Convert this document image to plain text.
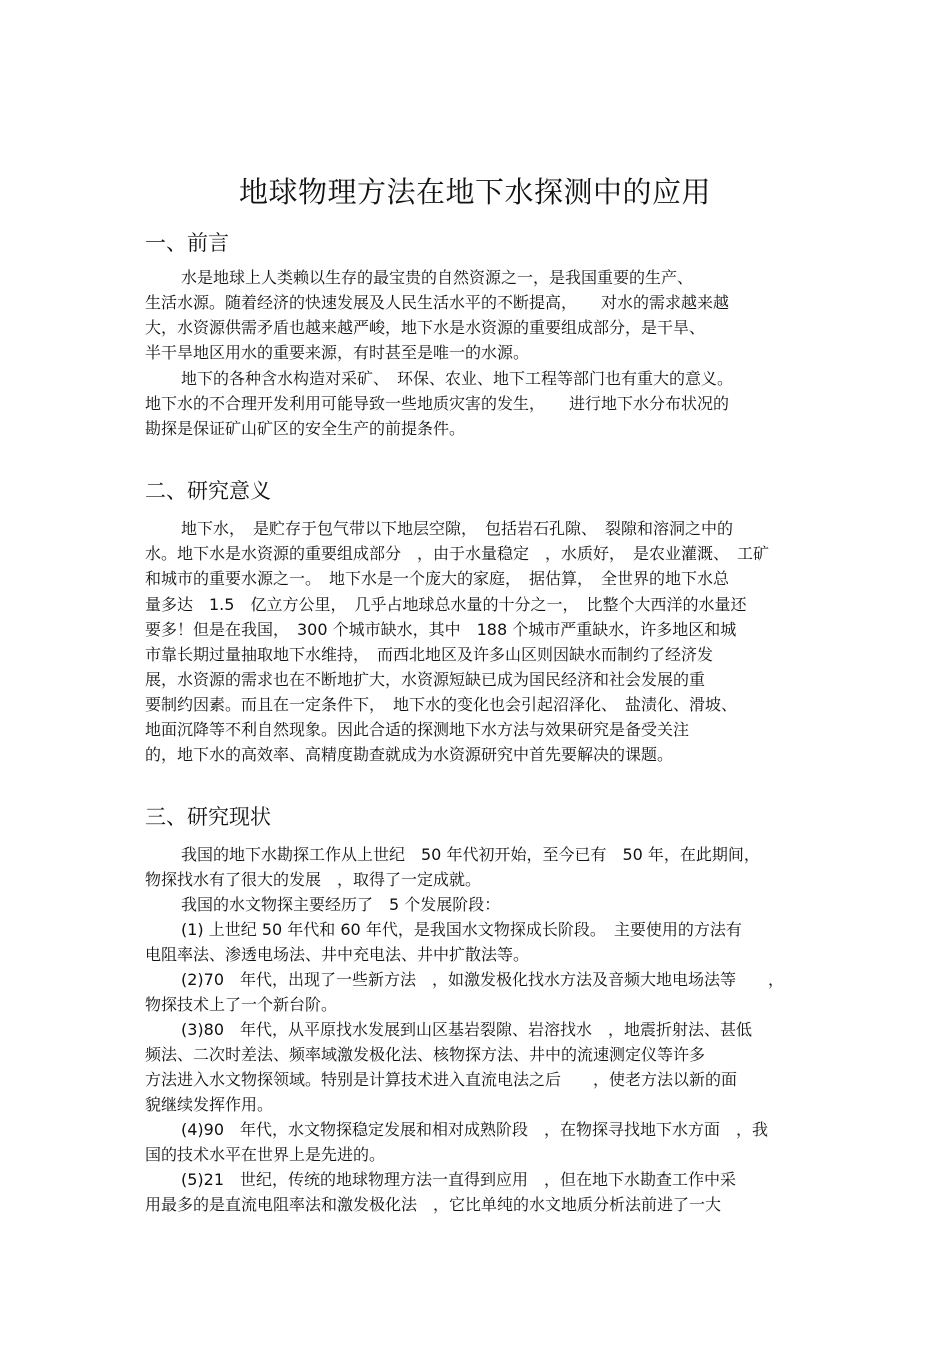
地球物理方法在地下水探测中的应用
一、前言
水是地球上人类赖以生存的最宝贵的自然资源之一，是我国重要的生产、
生活水源。随着经济的快速发展及人民生活水平的不断提高，　　对水的需求越来越
大，水资源供需矛盾也越来越严峻，地下水是水资源的重要组成部分，是干旱、
半干旱地区用水的重要来源，有时甚至是唯一的水源。
地下的各种含水构造对采矿、　环保、农业、地下工程等部门也有重大的意义。
地下水的不合理开发利用可能导致一些地质灾害的发生，　　进行地下水分布状况的
勘探是保证矿山矿区的安全生产的前提条件。
二、研究意义
地下水，　是贮存于包气带以下地层空隙，　包括岩石孔隙、　裂隙和溶洞之中的
水。地下水是水资源的重要组成部分　，由于水量稳定　，水质好，　是农业灌溉、　工矿
和城市的重要水源之一。　地下水是一个庞大的家庭，　据估算，　全世界的地下水总
量多达　1.5　亿立方公里，　几乎占地球总水量的十分之一，　比整个大西洋的水量还
要多！但是在我国，　300 个城市缺水，其中　188 个城市严重缺水，许多地区和城
市靠长期过量抽取地下水维持，　而西北地区及许多山区则因缺水而制约了经济发
展，水资源的需求也在不断地扩大，水资源短缺已成为国民经济和社会发展的重
要制约因素。而且在一定条件下，　地下水的变化也会引起沼泽化、　盐渍化、滑坡、
地面沉降等不利自然现象。因此合适的探测地下水方法与效果研究是备受关注
的，地下水的高效率、高精度勘查就成为水资源研究中首先要解决的课题。
三、研究现状
我国的地下水勘探工作从上世纪　50 年代初开始，至今已有　50 年，在此期间，
物探找水有了很大的发展　，取得了一定成就。
我国的水文物探主要经历了　5 个发展阶段：
(1) 上世纪 50 年代和 60 年代，是我国水文物探成长阶段。　主要使用的方法有
电阻率法、渗透电场法、井中充电法、井中扩散法等。
(2)70　年代，出现了一些新方法　，如激发极化找水方法及音频大地电场法等　　，
物探技术上了一个新台阶。
(3)80　年代，从平原找水发展到山区基岩裂隙、岩溶找水　，地震折射法、甚低
频法、二次时差法、频率域激发极化法、核物探方法、井中的流速测定仪等许多
方法进入水文物探领域。特别是计算技术进入直流电法之后　　，使老方法以新的面
貌继续发挥作用。
(4)90　年代，水文物探稳定发展和相对成熟阶段　，在物探寻找地下水方面　，我
国的技术水平在世界上是先进的。
(5)21　世纪，传统的地球物理方法一直得到应用　，但在地下水勘查工作中采
用最多的是直流电阻率法和激发极化法　，它比单纯的水文地质分析法前进了一大
